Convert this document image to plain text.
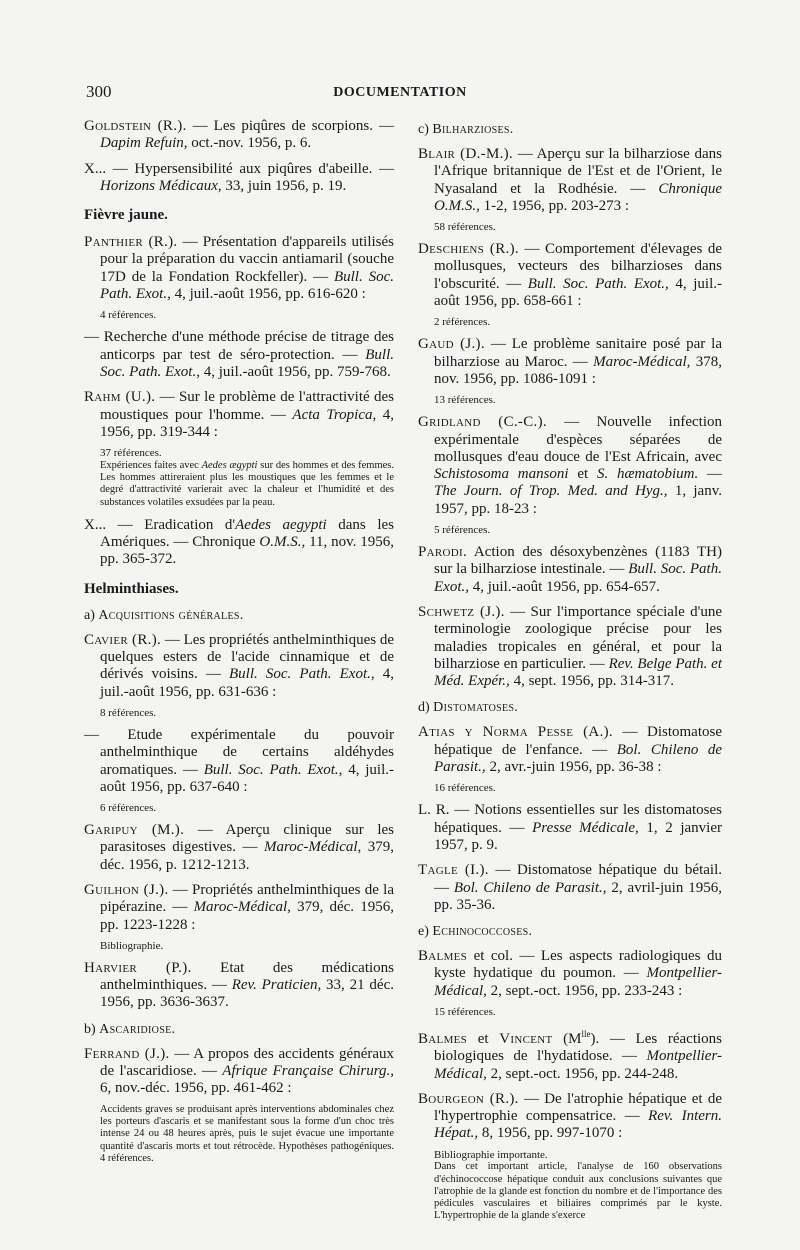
300	DOCUMENTATION

Goldstein (R.). — Les piqûres de scorpions. — Dapim Refuin, oct.-nov. 1956, p. 6.

X... — Hypersensibilité aux piqûres d'abeille. — Horizons Médicaux, 33, juin 1956, p. 19.

Fièvre jaune.

Panthier (R.). — Présentation d'appareils utilisés pour la préparation du vaccin antiamaril (souche 17D de la Fondation Rockfeller). — Bull. Soc. Path. Exot., 4, juil.-août 1956, pp. 616-620 :

4 références.

— Recherche d'une méthode précise de titrage des anticorps par test de séro-protection. — Bull. Soc. Path. Exot., 4, juil.-août 1956, pp. 759-768.

Rahm (U.). — Sur le problème de l'attractivité des moustiques pour l'homme. — Acta Tropica, 4, 1956, pp. 319-344 :

37 références.

Expériences faites avec Aedes ægypti sur des hommes et des femmes. Les hommes attireraient plus les moustiques que les femmes et le degré d'attractivité varierait avec la chaleur et l'humidité et des substances volatiles exsudées par la peau.

X... — Eradication d'Aedes aegypti dans les Amériques. — Chronique O.M.S., 11, nov. 1956, pp. 365-372.

Helminthiases.
a) Acquisitions générales.

Cavier (R.). — Les propriétés anthelminthiques de quelques esters de l'acide cinnamique et de dérivés voisins. — Bull. Soc. Path. Exot., 4, juil.-août 1956, pp. 631-636 :

8 références.

— Etude expérimentale du pouvoir anthelminthique de certains aldéhydes aromatiques. — Bull. Soc. Path. Exot., 4, juil.-août 1956, pp. 637-640 :

6 références.

Garipuy (M.). — Aperçu clinique sur les parasitoses digestives. — Maroc-Médical, 379, déc. 1956, p. 1212-1213.

Guilhon (J.). — Propriétés anthelminthiques de la pipérazine. — Maroc-Médical, 379, déc. 1956, pp. 1223-1228 :

Bibliographie.

Harvier (P.). Etat des médications anthelminthiques. — Rev. Praticien, 33, 21 déc. 1956, pp. 3636-3637.

b) Ascaridiose.

Ferrand (J.). — A propos des accidents généraux de l'ascaridiose. — Afrique Française Chirurg., 6, nov.-déc. 1956, pp. 461-462 :

Accidents graves se produisant après interventions abdominales chez les porteurs d'ascaris et se manifestant sous la forme d'un choc très intense 24 ou 48 heures après, puis le sujet évacue une importante quantité d'ascaris morts et tout rétrocède. Hypothèses pathogéniques. 4 références.

c) Bilharzioses.

Blair (D.-M.). — Aperçu sur la bilharziose dans l'Afrique britannique de l'Est et de l'Orient, le Nyasaland et la Rodhésie. — Chronique O.M.S., 1-2, 1956, pp. 203-273 :

58 références.

Deschiens (R.). — Comportement d'élevages de mollusques, vecteurs des bilharzioses dans l'obscurité. — Bull. Soc. Path. Exot., 4, juil.-août 1956, pp. 658-661 :

2 références.

Gaud (J.). — Le problème sanitaire posé par la bilharziose au Maroc. — Maroc-Médical, 378, nov. 1956, pp. 1086-1091 :

13 références.

Gridland (C.-C.). — Nouvelle infection expérimentale d'espèces séparées de mollusques d'eau douce de l'Est Africain, avec Schistosoma mansoni et S. hæmatobium. — The Journ. of Trop. Med. and Hyg., 1, janv. 1957, pp. 18-23 :

5 références.

Parodi. Action des désoxybenzènes (1183 TH) sur la bilharziose intestinale. — Bull. Soc. Path. Exot., 4, juil.-août 1956, pp. 654-657.

Schwetz (J.). — Sur l'importance spéciale d'une terminologie zoologique précise pour les maladies tropicales en général, et pour la bilharziose en particulier. — Rev. Belge Path. et Méd. Expér., 4, sept. 1956, pp. 314-317.

d) Distomatoses.

Atias y Norma Pesse (A.). — Distomatose hépatique de l'enfance. — Bol. Chileno de Parasit., 2, avr.-juin 1956, pp. 36-38 :

16 références.

L. R. — Notions essentielles sur les distomatoses hépatiques. — Presse Médicale, 1, 2 janvier 1957, p. 9.

Tagle (I.). — Distomatose hépatique du bétail. — Bol. Chileno de Parasit., 2, avril-juin 1956, pp. 35-36.

e) Echinococcoses.

Balmes et col. — Les aspects radiologiques du kyste hydatique du poumon. — Montpellier-Médical, 2, sept.-oct. 1956, pp. 233-243 :

15 références.

Balmes et Vincent $(M^{lle})$. — Les réactions biologiques de l'hydatidose. — Montpellier-Médical, 2, sept.-oct. 1956, pp. 244-248.

Bourgeon (R.). — De l'atrophie hépatique et de l'hypertrophie compensatrice. — Rev. Intern. Hépat., 8, 1956, pp. 997-1070 :

Bibliographie importante.

Dans cet important article, l'analyse de 160 observations d'échinococcose hépatique conduit aux conclusions suivantes que l'atrophie de la glande est fonction du nombre et de l'importance des pédicules vasculaires et biliaires comprimés par le kyste. L'hypertrophie de la glande s'exerce
